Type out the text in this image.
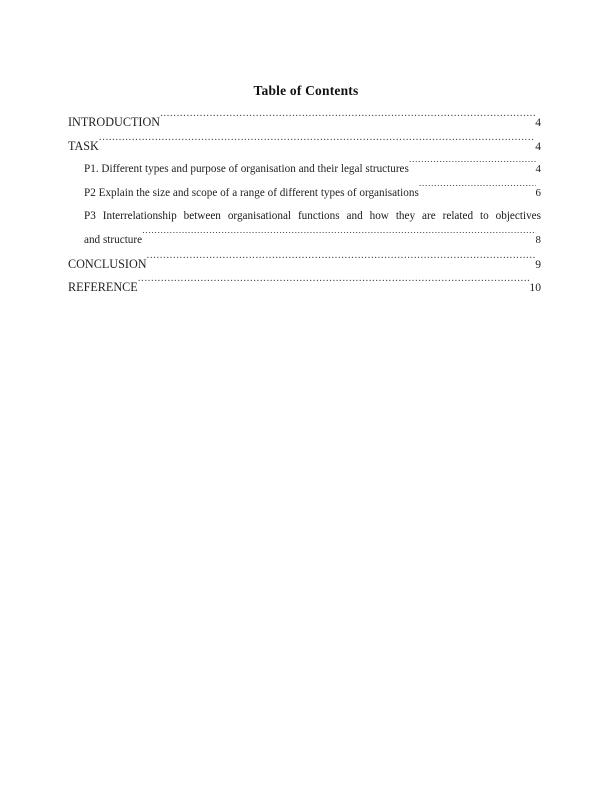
Table of Contents
INTRODUCTION .....	4
TASK .....	4
P1. Different types and purpose of organisation and their legal structures .....	4
P2 Explain the size and scope of a range of different types of organisations .....	6
P3 Interrelationship between organisational functions and how they are related to objectives
and structure .....	8
CONCLUSION .....	9
REFERENCE .....	10
